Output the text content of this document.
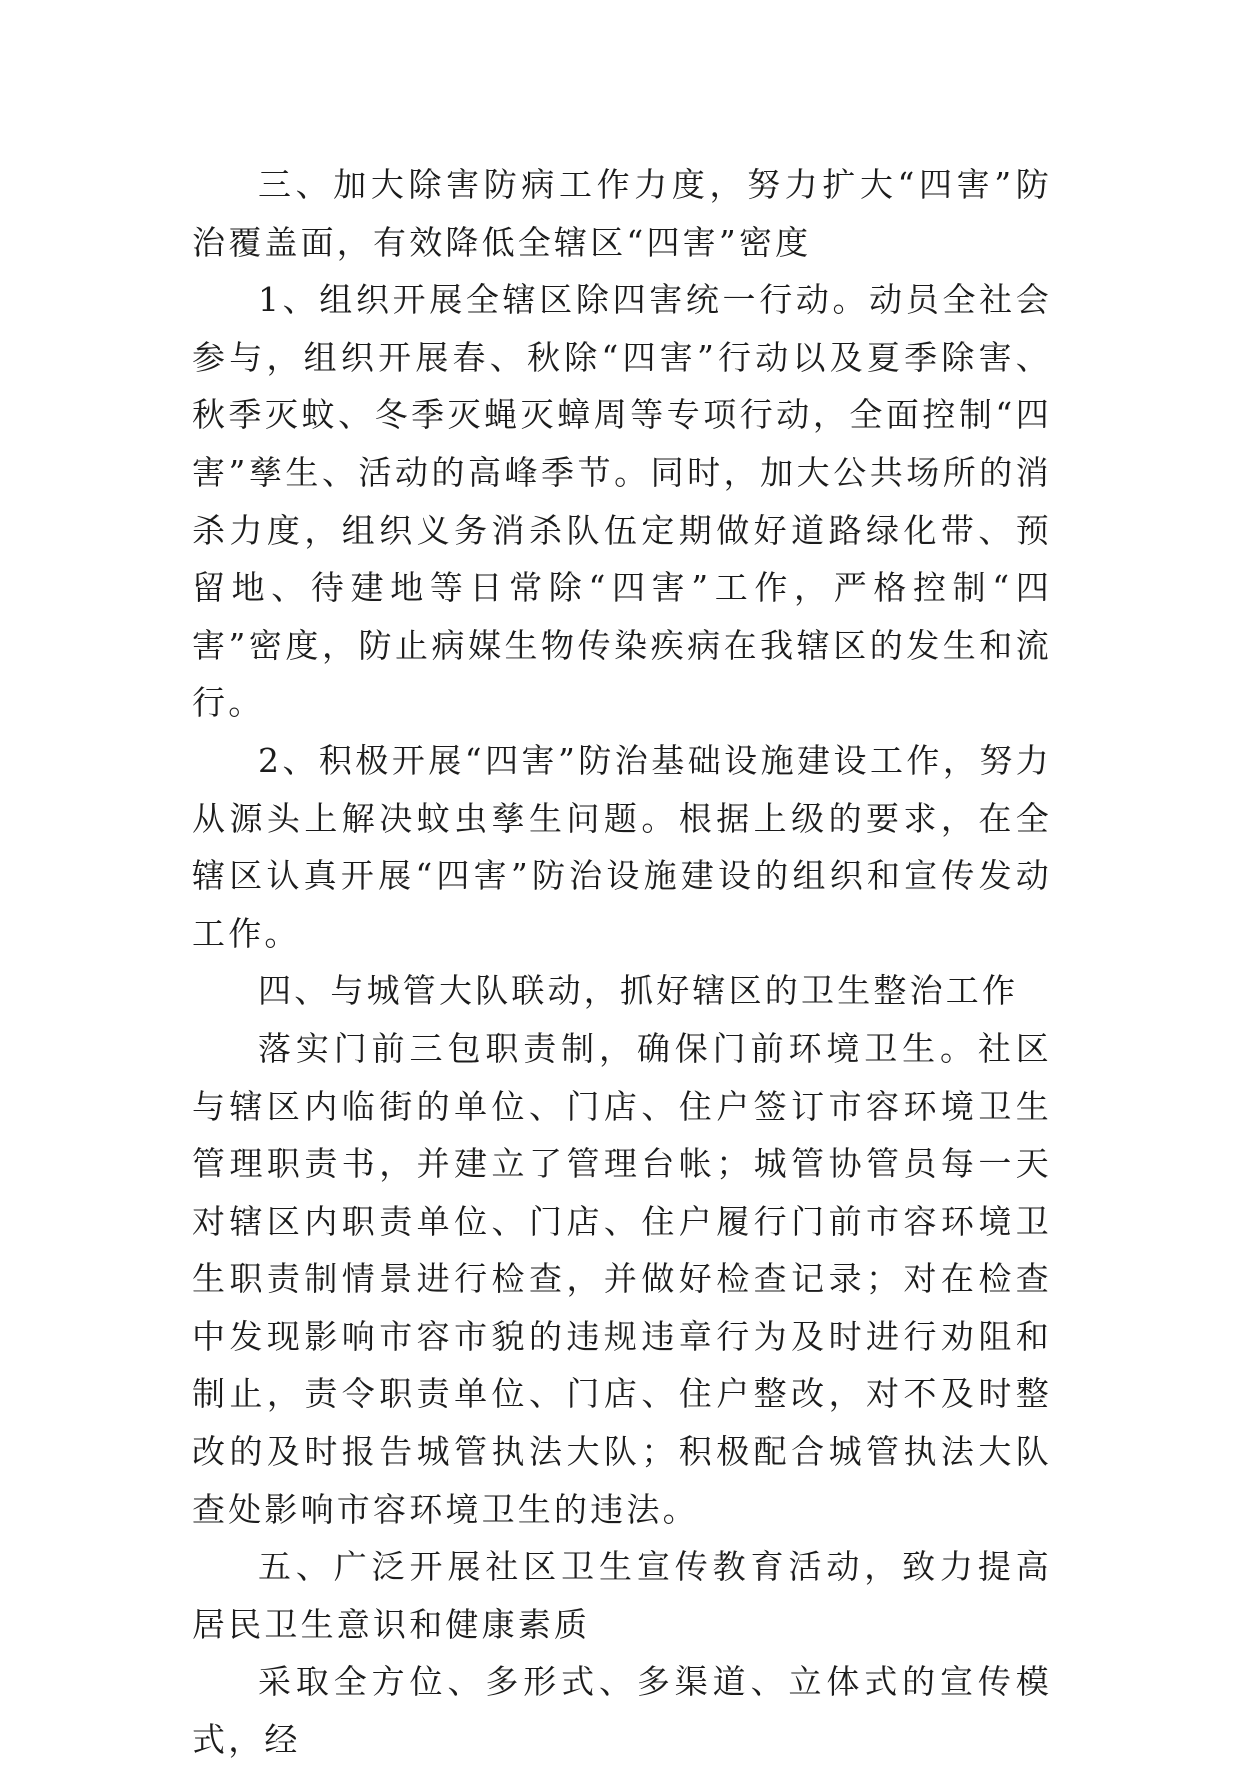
三、加大除害防病工作力度，努力扩大“四害”防治覆盖面，有效降低全辖区“四害”密度

1、组织开展全辖区除四害统一行动。动员全社会参与，组织开展春、秋除“四害”行动以及夏季除害、秋季灭蚊、冬季灭蝇灭蟑周等专项行动，全面控制“四害”孳生、活动的高峰季节。同时，加大公共场所的消杀力度，组织义务消杀队伍定期做好道路绿化带、预留地、待建地等日常除“四害”工作，严格控制“四害”密度，防止病媒生物传染疾病在我辖区的发生和流行。

2、积极开展“四害”防治基础设施建设工作，努力从源头上解决蚊虫孳生问题。根据上级的要求，在全辖区认真开展“四害”防治设施建设的组织和宣传发动工作。

四、与城管大队联动，抓好辖区的卫生整治工作

落实门前三包职责制，确保门前环境卫生。社区与辖区内临街的单位、门店、住户签订市容环境卫生管理职责书，并建立了管理台帐；城管协管员每一天对辖区内职责单位、门店、住户履行门前市容环境卫生职责制情景进行检查，并做好检查记录；对在检查中发现影响市容市貌的违规违章行为及时进行劝阻和制止，责令职责单位、门店、住户整改，对不及时整改的及时报告城管执法大队；积极配合城管执法大队查处影响市容环境卫生的违法。

五、广泛开展社区卫生宣传教育活动，致力提高居民卫生意识和健康素质

采取全方位、多形式、多渠道、立体式的宣传模式，经
